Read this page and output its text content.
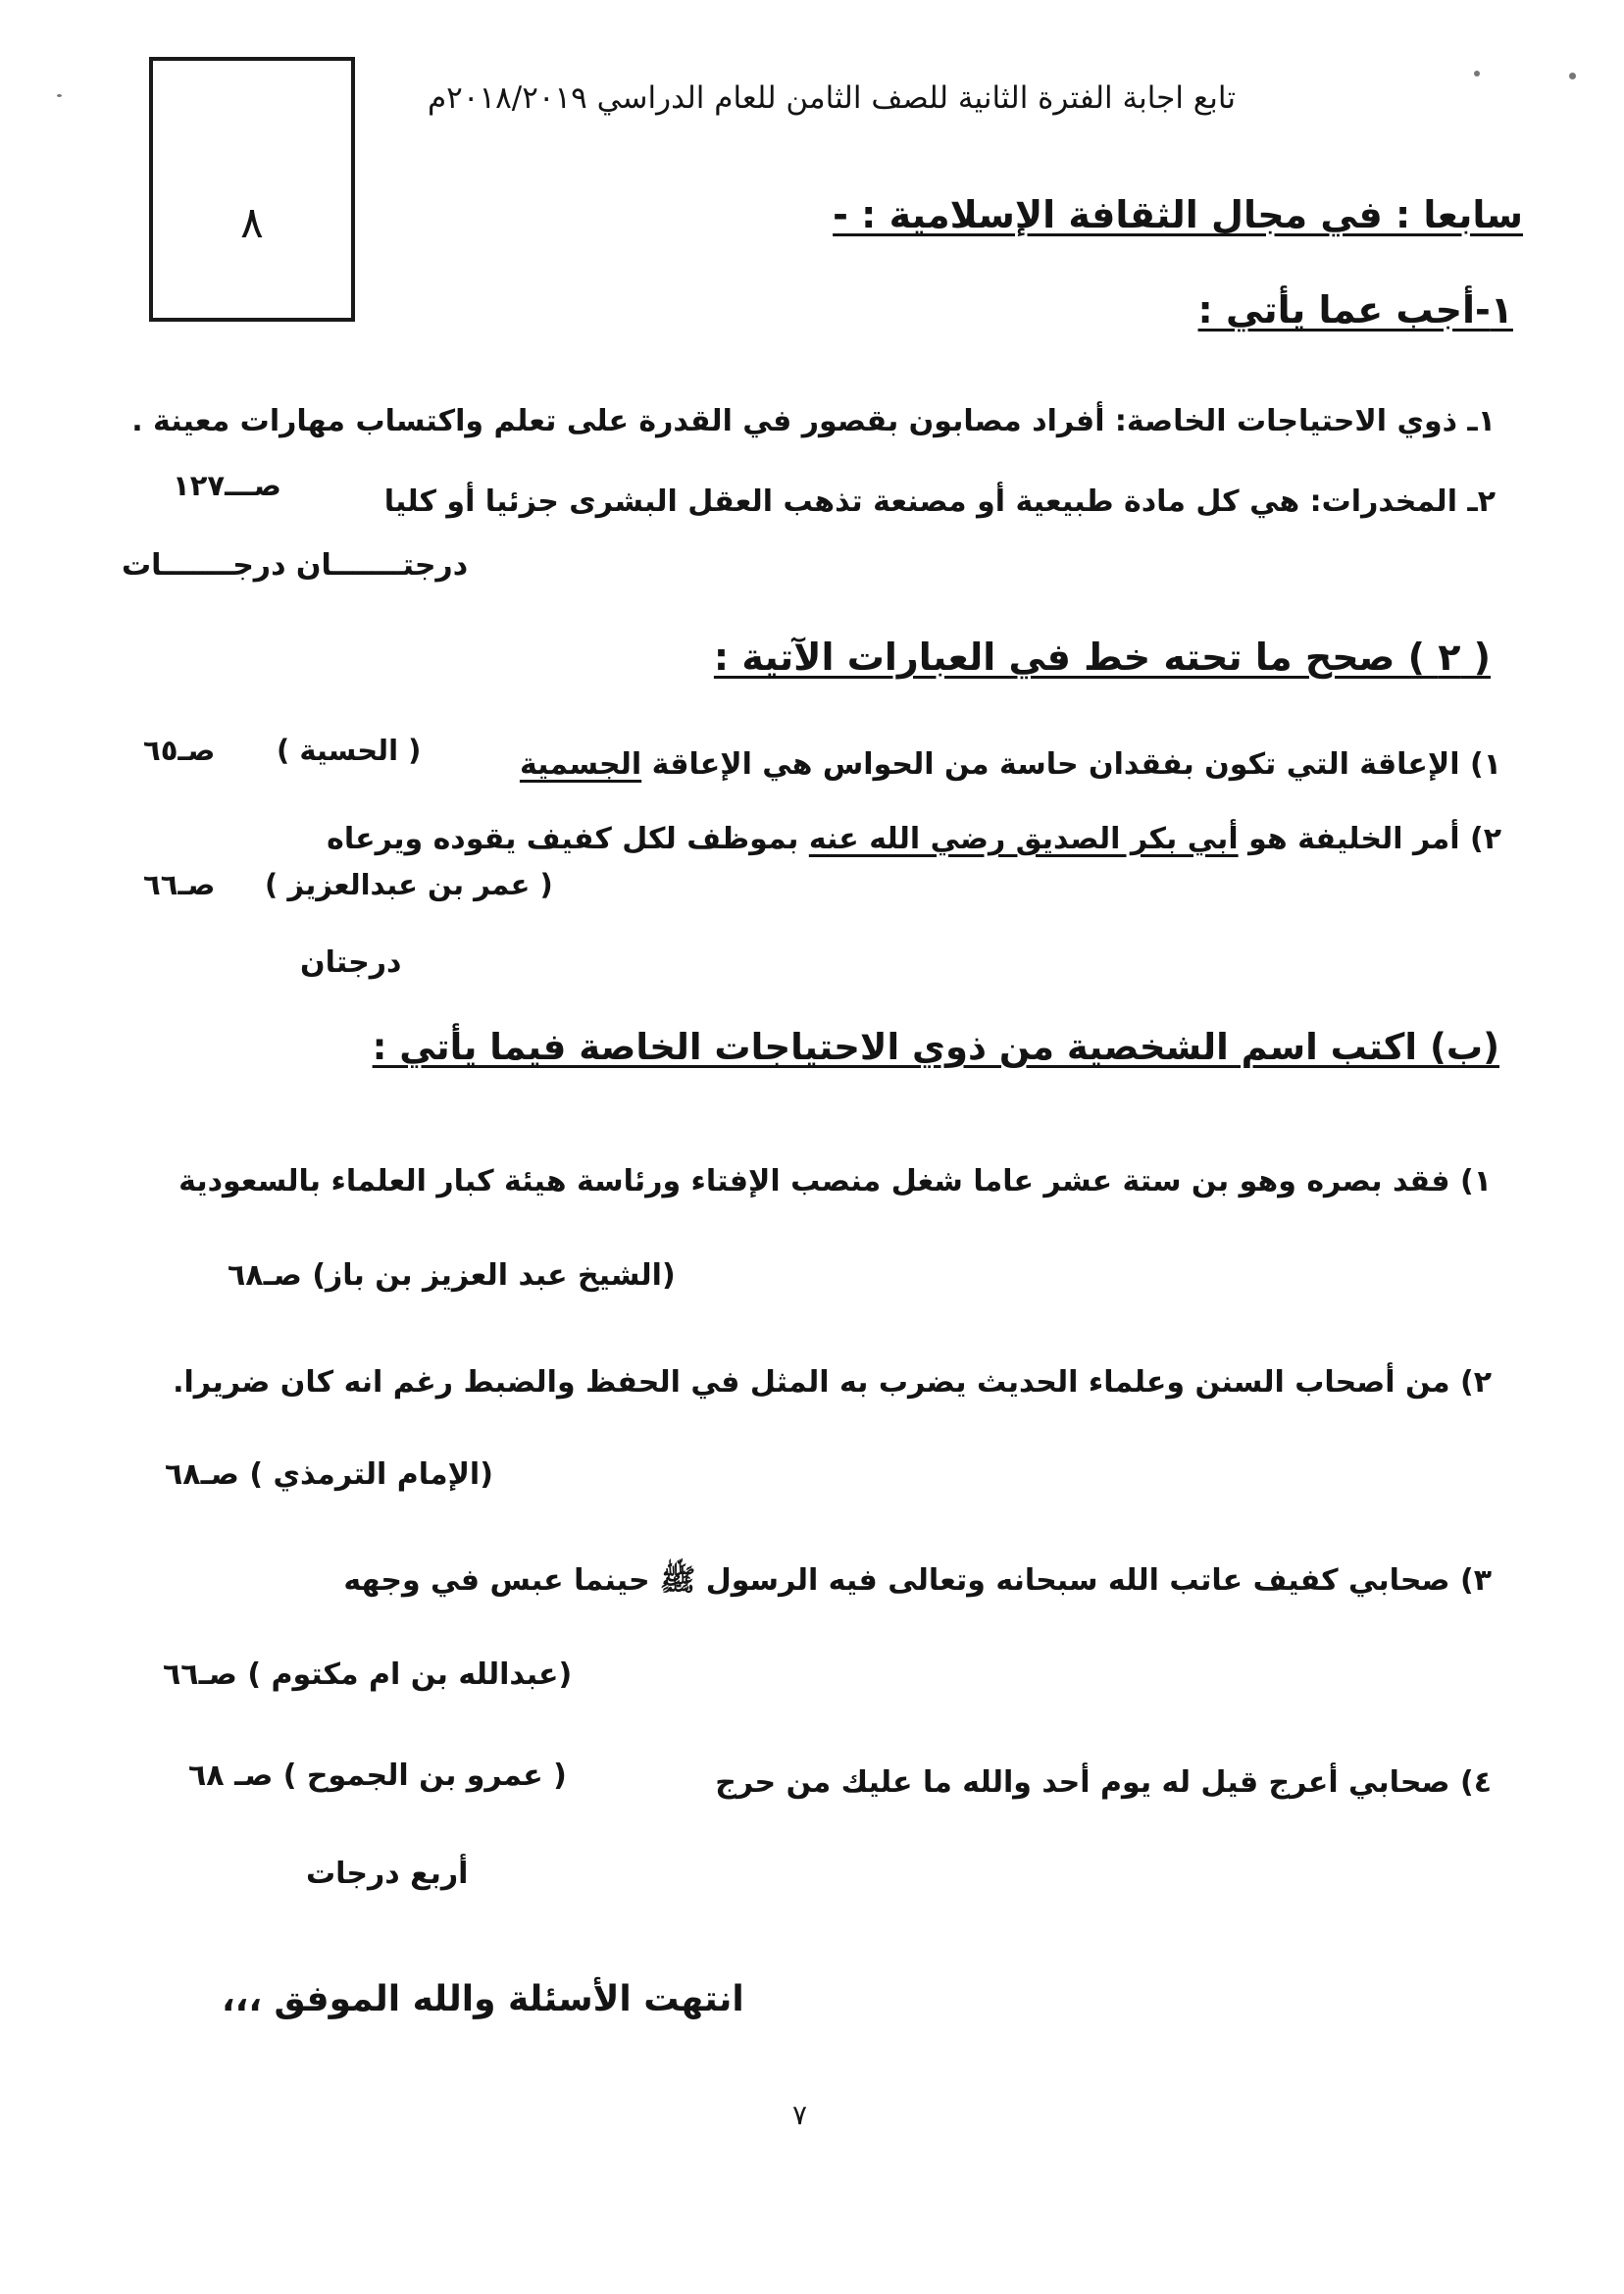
٨
تابع اجابة الفترة الثانية للصف الثامن للعام الدراسي ٢٠١٨/٢٠١٩م
سابعا : في مجال الثقافة الإسلامية : -
١-أجب عما يأتي :
١ـ ذوي الاحتياجات الخاصة: أفراد مصابون بقصور في القدرة على تعلم واكتساب مهارات معينة .
٢ـ المخدرات: هي كل مادة طبيعية أو مصنعة تذهب العقل البشرى جزئيا أو كليا
صـــ١٢٧
درجتـــــــان درجـــــــات
( ٢ ) صحح ما تحته خط في العبارات الآتية :
١) الإعاقة التي تكون بفقدان حاسة من الحواس هي الإعاقة الجسمية
( الحسية )
صـ٦٥
٢) أمر الخليفة هو أبي بكر الصديق رضي الله عنه بموظف لكل كفيف يقوده ويرعاه
( عمر بن عبدالعزيز )
صـ٦٦
درجتان
(ب) اكتب اسم الشخصية من ذوي الاحتياجات الخاصة فيما يأتي :
١) فقد بصره وهو بن ستة عشر عاما شغل منصب الإفتاء ورئاسة هيئة كبار العلماء بالسعودية
(الشيخ عبد العزيز بن باز) صـ٦٨
٢) من أصحاب السنن وعلماء الحديث يضرب به المثل في الحفظ والضبط رغم انه كان ضريرا.
(الإمام الترمذي ) صـ٦٨
٣) صحابي كفيف عاتب الله سبحانه وتعالى فيه الرسول ﷺ حينما عبس في وجهه
(عبدالله بن ام مكتوم ) صـ٦٦
٤) صحابي أعرج قيل له يوم أحد والله ما عليك من حرج
( عمرو بن الجموح ) صـ ٦٨
أربع درجات
انتهت الأسئلة والله الموفق ،،،
٧
